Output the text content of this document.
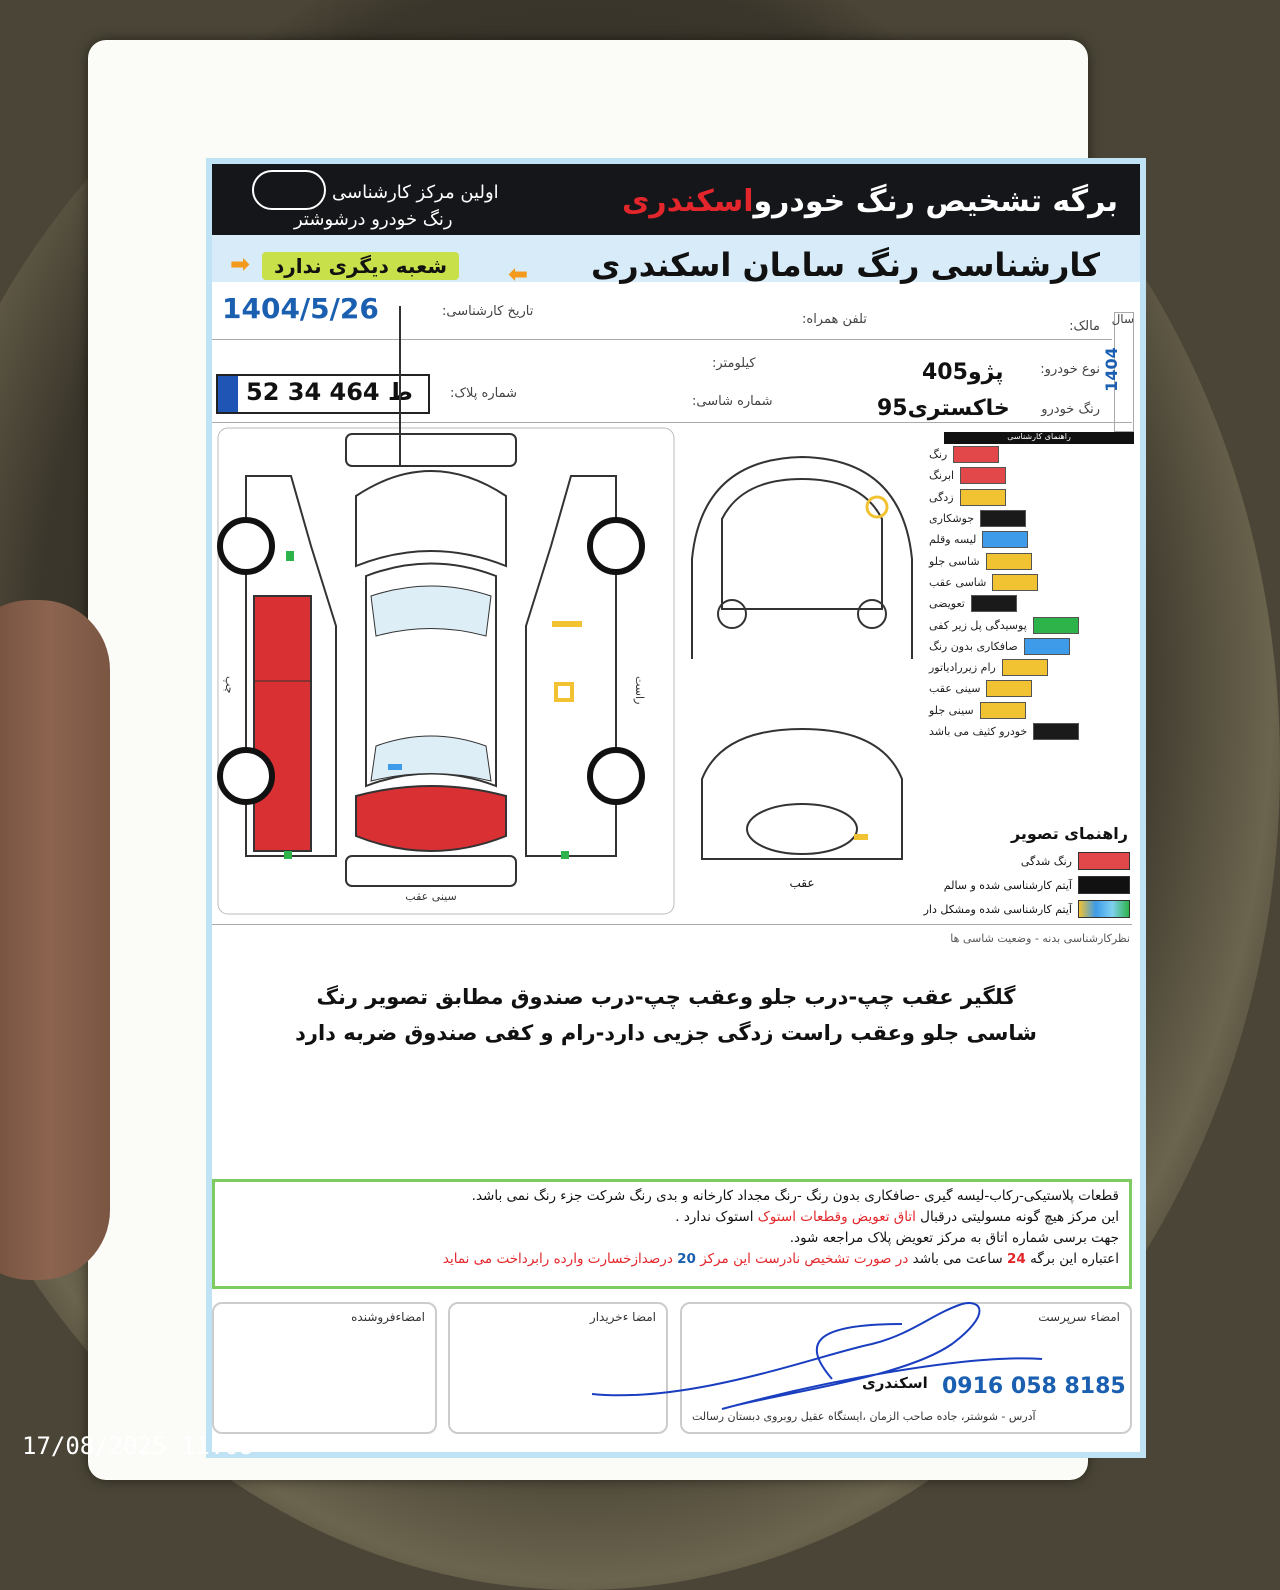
برگه تشخیص رنگ خودرواسکندری
اولین مرکز کارشناسی
رنگ خودرو درشوشتر
➡	شعبه دیگری ندارد	⬅ کارشناسی رنگ سامان اسکندری
1404/5/26	تاریخ کارشناسی:
تلفن همراه:	مالک:
کیلومتر:	پژو405	نوع خودرو:
52 ط 464 34	شماره پلاک:
شماره شاسی:	خاکستری95 رنگ خودرو
سال
1404
سینی عقب
چپ	راست
عقب
راهنمای کارشناسی
رنگ
ابرنگ
زدگی
جوشکاری
لیسه وقلم
شاسی جلو
شاسی عقب
تعویضی
پوسیدگی پل زیر کفی
صافکاری بدون رنگ
رام زیررادیاتور
سینی عقب
سینی جلو
خودرو کثیف می باشد
راهنمای تصویر
رنگ شدگی
آیتم کارشناسی شده و سالم
آیتم کارشناسی شده ومشکل دار
نظرکارشناسی بدنه - وضعیت شاسی ها
گلگیر عقب چپ-درب جلو وعقب چپ-درب صندوق مطابق تصویر رنگ
شاسی جلو وعقب راست زدگی جزیی دارد-رام و کفی صندوق ضربه دارد
قطعات پلاستیکی-رکاب-لیسه گیری -صافکاری بدون رنگ -رنگ مجداد کارخانه و بدی رنگ شرکت جزء رنگ نمی باشد.
این مرکز هیچ گونه مسولیتی درقبال اتاق تعویض وقطعات استوک استوک ندارد .
جهت برسی شماره اتاق به مرکز تعویض پلاک مراجعه شود.
اعتباره این برگه 24 ساعت می باشد در صورت تشخیص نادرست این مرکز 20 درصدازخسارت وارده رابرداخت می نماید
امضاءفروشنده	امضا ءخریدار	امضاء سرپرست
اسکندری 0916 058 8185
آدرس - شوشتر، جاده صاحب الزمان ،ایستگاه عقیل روبروی دبستان رسالت
17/08/2025 11:08
